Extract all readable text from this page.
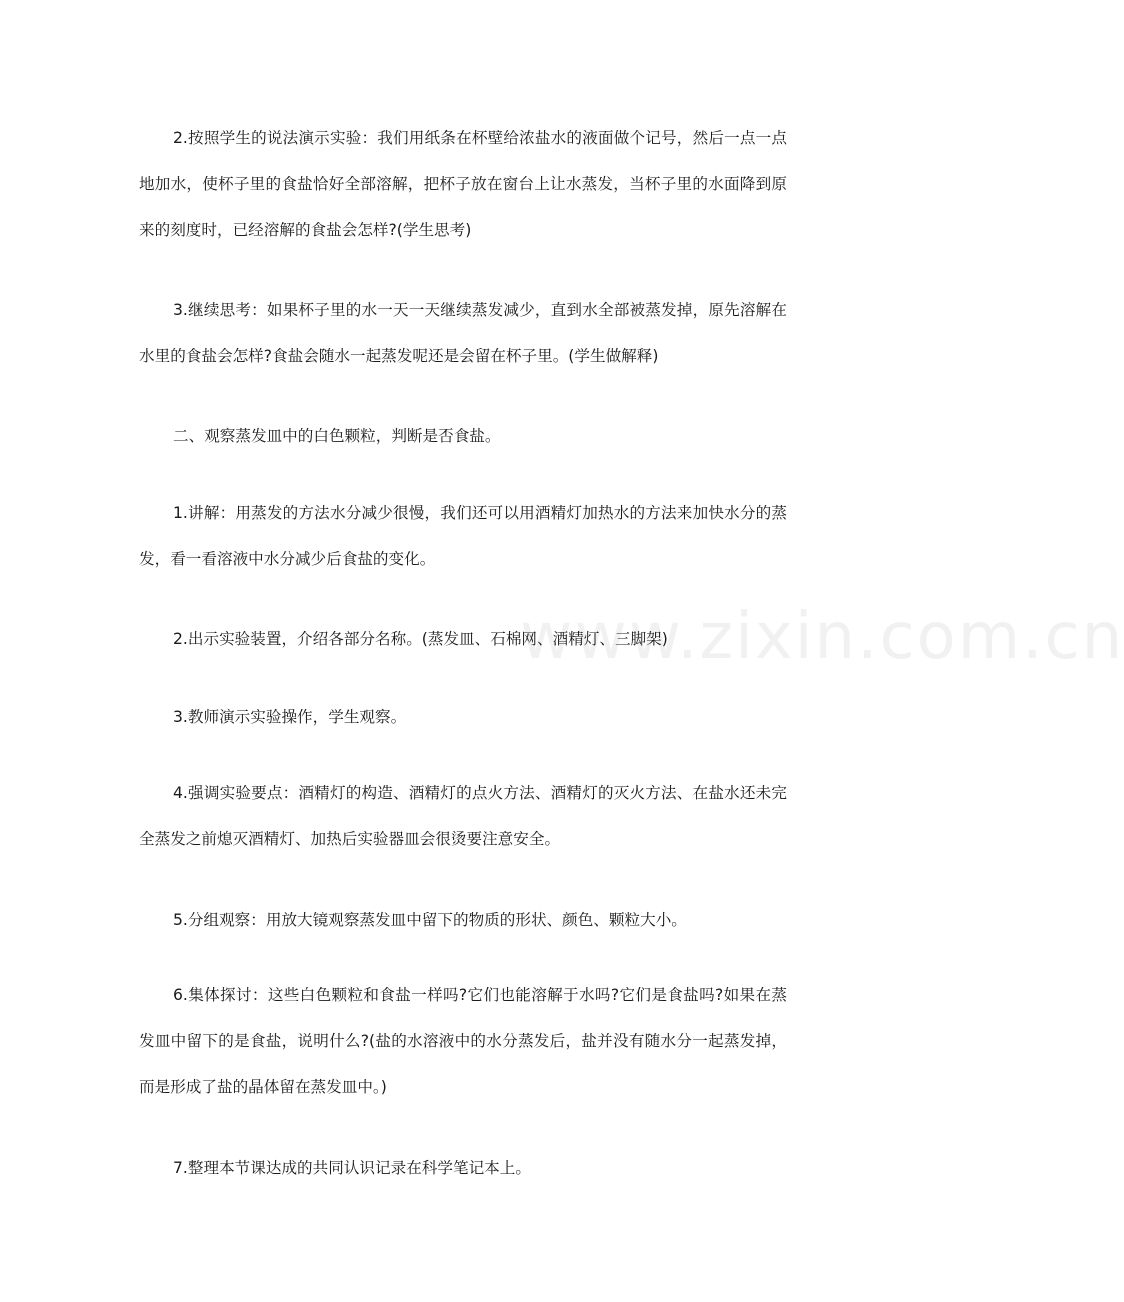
2.按照学生的说法演示实验：我们用纸条在杯壁给浓盐水的液面做个记号，然后一点一点地加水，使杯子里的食盐恰好全部溶解，把杯子放在窗台上让水蒸发，当杯子里的水面降到原来的刻度时，已经溶解的食盐会怎样?(学生思考)

3.继续思考：如果杯子里的水一天一天继续蒸发减少，直到水全部被蒸发掉，原先溶解在水里的食盐会怎样?食盐会随水一起蒸发呢还是会留在杯子里。(学生做解释)

二、观察蒸发皿中的白色颗粒，判断是否食盐。

1.讲解：用蒸发的方法水分减少很慢，我们还可以用酒精灯加热水的方法来加快水分的蒸发，看一看溶液中水分减少后食盐的变化。

2.出示实验装置，介绍各部分名称。(蒸发皿、石棉网、酒精灯、三脚架)

3.教师演示实验操作，学生观察。

4.强调实验要点：酒精灯的构造、酒精灯的点火方法、酒精灯的灭火方法、在盐水还未完全蒸发之前熄灭酒精灯、加热后实验器皿会很烫要注意安全。

5.分组观察：用放大镜观察蒸发皿中留下的物质的形状、颜色、颗粒大小。

6.集体探讨：这些白色颗粒和食盐一样吗?它们也能溶解于水吗?它们是食盐吗?如果在蒸发皿中留下的是食盐，说明什么?(盐的水溶液中的水分蒸发后，盐并没有随水分一起蒸发掉，而是形成了盐的晶体留在蒸发皿中。)

7.整理本节课达成的共同认识记录在科学笔记本上。

www.zixin.com.cn
